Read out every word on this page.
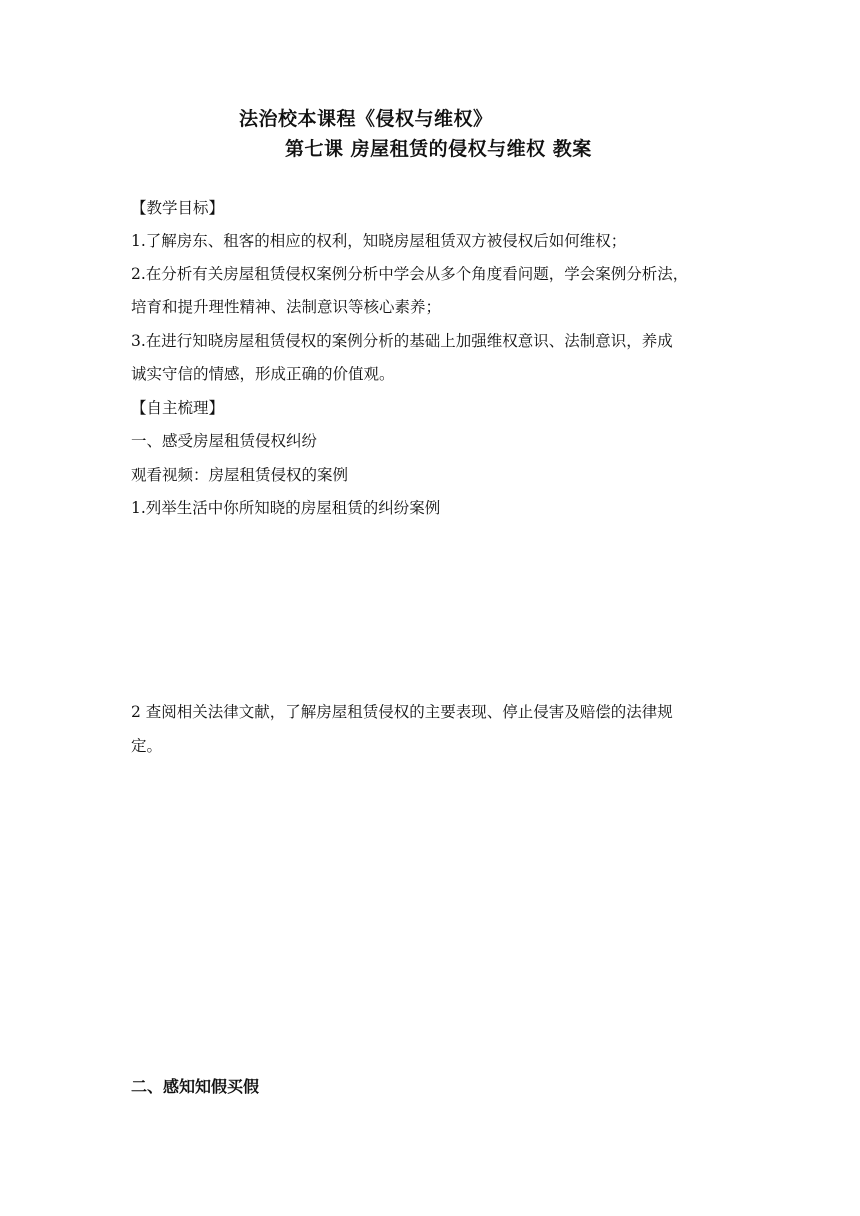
法治校本课程《侵权与维权》
第七课 房屋租赁的侵权与维权 教案
【教学目标】
1.了解房东、租客的相应的权利，知晓房屋租赁双方被侵权后如何维权；
2.在分析有关房屋租赁侵权案例分析中学会从多个角度看问题，学会案例分析法，
培育和提升理性精神、法制意识等核心素养；
3.在进行知晓房屋租赁侵权的案例分析的基础上加强维权意识、法制意识，养成
诚实守信的情感，形成正确的价值观。
【自主梳理】
一、感受房屋租赁侵权纠纷
观看视频：房屋租赁侵权的案例
1.列举生活中你所知晓的房屋租赁的纠纷案例
2 查阅相关法律文献，了解房屋租赁侵权的主要表现、停止侵害及赔偿的法律规
定。
二、感知知假买假
